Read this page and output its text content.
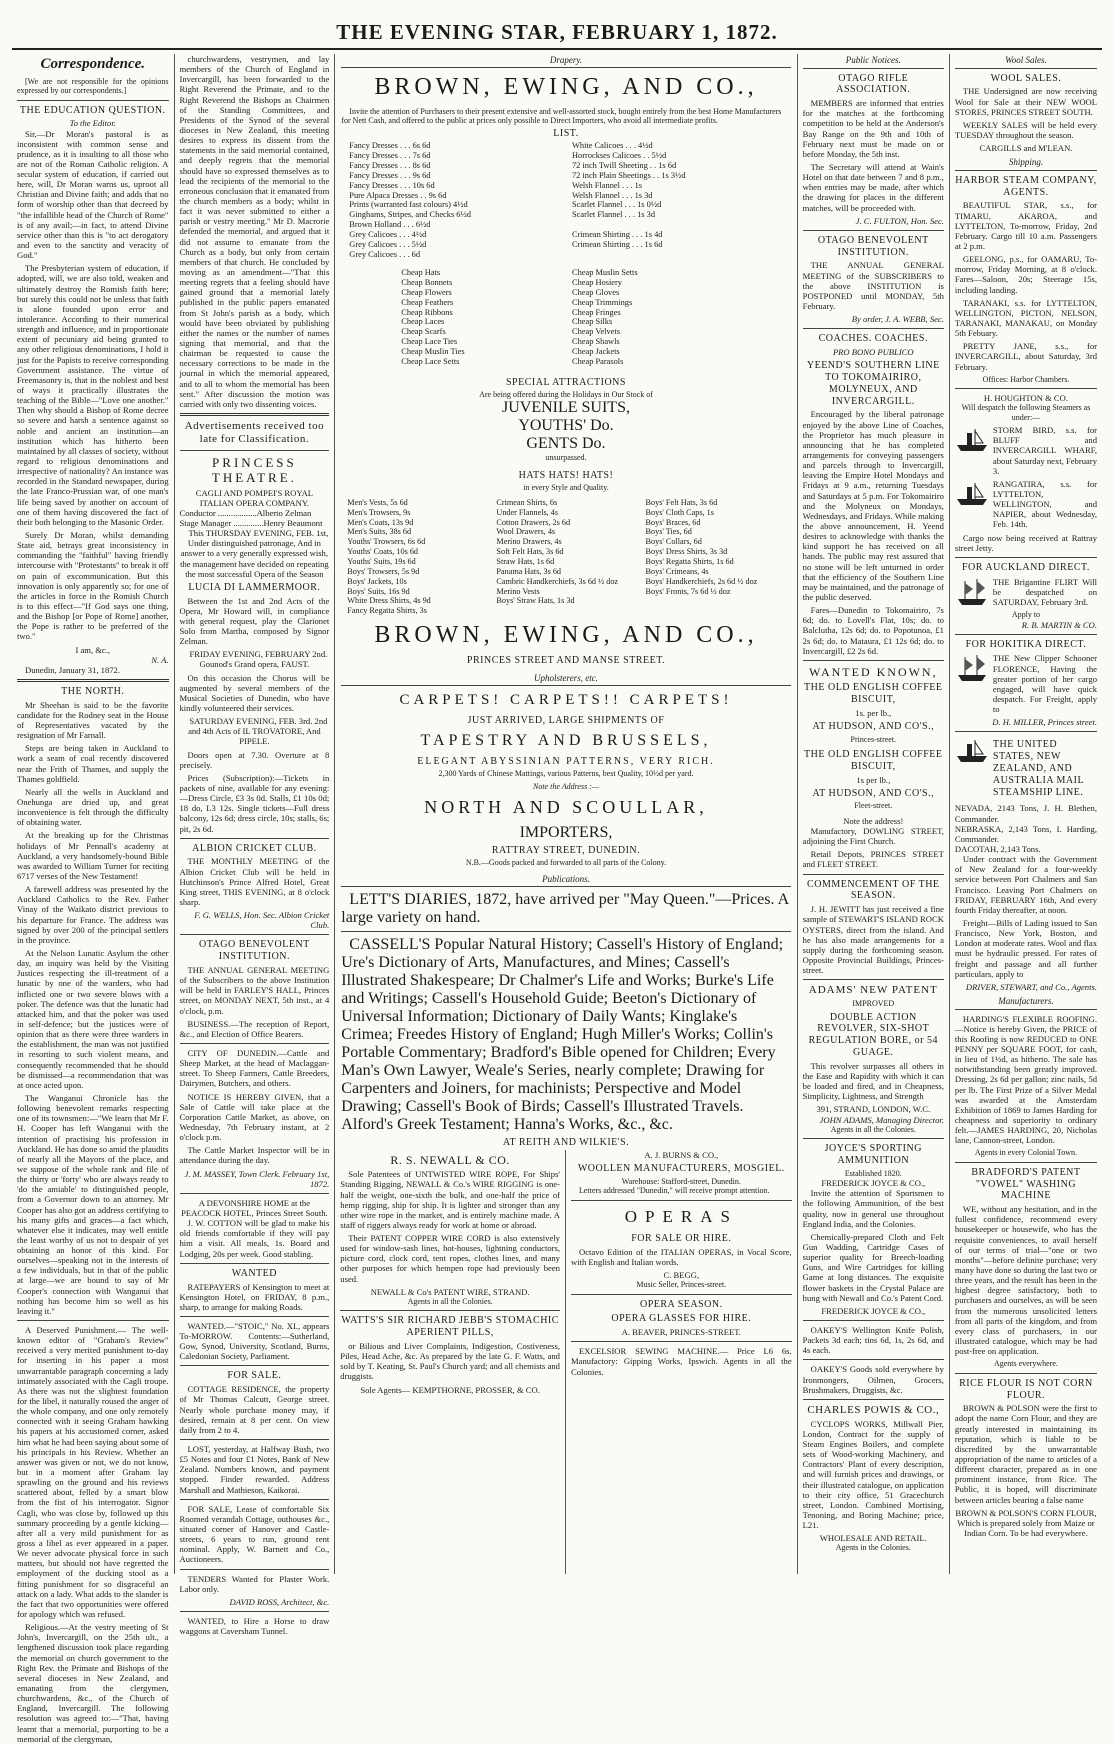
THE EVENING STAR, FEBRUARY 1, 1872.
Correspondence.

[We are not responsible for the opinions expressed by our correspondents.]

THE EDUCATION QUESTION.
To the Editor.

Sir,—Dr Moran's pastoral is as inconsistent with common sense and prudence, as it is insulting to all those who are not of the Roman Catholic religion. A secular system of education, if carried out here, will, Dr Moran warns us, uproot all Christian and Divine faith; and adds that no form of worship other than that decreed by "the infallible head of the Church of Rome" is of any avail;—in fact, to attend Divine service other than this is "to act derogatory and even to the sanctity and veracity of God."

The Presbyterian system of education, if adopted, will, we are also told, weaken and ultimately destroy the Romish faith here; but surely this could not be unless that faith is alone founded upon error and intolerance. According to their numerical strength and influence, and in proportionate extent of pecuniary aid being granted to any other religious denominations, I hold it just for the Papists to receive corresponding Government assistance. The virtue of Freemasonry is, that in the noblest and best of ways it practically illustrates the teaching of the Bible—"Love one another." Then why should a Bishop of Rome decree so severe and harsh a sentence against so noble and ancient an institution—an institution which has hitherto been maintained by all classes of society, without regard to religious denominations and irrespective of nationality? An instance was recorded in the Standard newspaper, during the late Franco-Prussian war, of one man's life being saved by another on account of one of them having discovered the fact of their both belonging to the Masonic Order.

Surely Dr Moran, whilst demanding State aid, betrays great inconsistency in commanding the "faithful" having friendly intercourse with "Protestants" to break it off on pain of excommunication. But this innovation is only apparently so; for one of the articles in force in the Romish Church is to this effect—"If God says one thing, and the Bishop [or Pope of Rome] another, the Pope is rather to be preferred of the two."

I am, &c.,
N. A.

Dunedin, January 31, 1872.

THE NORTH.

Mr Sheehan is said to be the favorite candidate for the Rodney seat in the House of Representatives vacated by the resignation of Mr Farnall.

Steps are being taken in Auckland to work a seam of coal recently discovered near the Frith of Thames, and supply the Thames goldfield.

Nearly all the wells in Auckland and Onehunga are dried up, and great inconvenience is felt through the difficulty of obtaining water.

At the breaking up for the Christmas holidays of Mr Pennall's academy at Auckland, a very handsomely-bound Bible was awarded to William Turner for reciting 6717 verses of the New Testament!

A farewell address was presented by the Auckland Catholics to the Rev. Father Vinay of the Waikato district previous to his departure for France. The address was signed by over 200 of the principal settlers in the province.

At the Nelson Lunatic Asylum the other day, an inquiry was held by the Visiting Justices respecting the ill-treatment of a lunatic by one of the warders, who had inflicted one or two severe blows with a poker. The defence was that the lunatic had attacked him, and that the poker was used in self-defence; but the justices were of opinion that as there were three warders in the establishment, the man was not justified in resorting to such violent means, and consequently recommended that he should be dismissed—a recommendation that was at once acted upon.

The Wanganui Chronicle has the following benevolent remarks respecting one of its townsmen:—"We learn that Mr F. H. Cooper has left Wanganui with the intention of practising his profession in Auckland. He has done so amid the plaudits of nearly all the Mayors of the place, and we suppose of the whole rank and file of the thirty or 'forty' who are always ready to 'do the amiable' to distinguished people, from a Governor down to an attorney. Mr Cooper has also got an address certifying to his many gifts and graces—a fact which, whatever else it indicates, may well entitle the least worthy of us not to despair of yet obtaining an honor of this kind. For ourselves—speaking not in the interests of a few individuals, but in that of the public at large—we are bound to say of Mr Cooper's connection with Wanganui that nothing has become him so well as his leaving it."

A Deserved Punishment.— The well-known editor of "Graham's Review" received a very merited punishment to-day for inserting in his paper a most unwarrantable paragraph concerning a lady intimately associated with the Cagli troupe. As there was not the slightest foundation for the libel, it naturally roused the anger of the whole company, and one only remotely connected with it seeing Graham hawking his papers at his accustomed corner, asked him what he had been saying about some of his principals in his Review. Whether an answer was given or not, we do not know, but in a moment after Graham lay sprawling on the ground and his reviews scattered about, felled by a smart blow from the fist of his interrogator. Signor Cagli, who was close by, followed up this summary proceeding by a gentle kicking—after all a very mild punishment for as gross a libel as ever appeared in a paper. We never advocate physical force in such matters, but should not have regretted the employment of the ducking stool as a fitting punishment for so disgraceful an attack on a lady. What adds to the slander is the fact that two opportunities were offered for apology which was refused.

Religious.—At the vestry meeting of St John's, Invercargill, on the 25th ult., a lengthened discussion took place regarding the memorial on church government to the Right Rev. the Primate and Bishops of the several dioceses in New Zealand, and emanating from the clergymen, churchwardens, &c., of the Church of England, Invercargill. The following resolution was agreed to:—"That, having learnt that a memorial, purporting to be a memorial of the clergyman,

churchwardens, vestrymen, and lay members of the Church of England in Invercargill, has been forwarded to the Right Reverend the Primate, and to the Right Reverend the Bishops as Chairmen of the Standing Committees, and Presidents of the Synod of the several dioceses in New Zealand, this meeting desires to express its dissent from the statements in the said memorial contained, and deeply regrets that the memorial should have so expressed themselves as to lead the recipients of the memorial to the erroneous conclusion that it emanated from the church members as a body; whilst in fact it was never submitted to either a parish or vestry meeting." Mr D. Macrorie defended the memorial, and argued that it did not assume to emanate from the Church as a body, but only from certain members of that church. He concluded by moving as an amendment—"That this meeting regrets that a feeling should have gained ground that a memorial lately published in the public papers emanated from St John's parish as a body, which would have been obviated by publishing either the names or the number of names signing that memorial, and that the chairman be requested to cause the necessary corrections to be made in the journal in which the memorial appeared, and to all to whom the memorial has been sent." After discussion the motion was carried with only two dissenting voices.

Advertisements received too late for Classification.
PRINCESS THEATRE.
CAGLI AND POMPEI'S ROYAL ITALIAN OPERA COMPANY.
Conductor ..................Alberto Zelman
Stage Manager ..............Henry Beaumont

This THURSDAY EVENING, FEB. 1st, Under distinguished patronage, And in answer to a very generally expressed wish, the management have decided on repeating the most successful Opera of the Season

LUCIA DI LAMMERMOOR.

Between the 1st and 2nd Acts of the Opera, Mr Howard will, in compliance with general request, play the Clarionet Solo from Martha, composed by Signor Zelman.

FRIDAY EVENING, FEBRUARY 2nd. Gounod's Grand opera, FAUST.

On this occasion the Chorus will be augmented by several members of the Musical Societies of Dunedin, who have kindly volunteered their services.

SATURDAY EVENING, FEB. 3rd. 2nd and 4th Acts of IL TROVATORE, And PIPELE.

Doors open at 7.30. Overture at 8 precisely.

Prices (Subscription):—Tickets in packets of nine, available for any evening:—Dress Circle, £3 3s 0d. Stalls, £1 10s 0d; 18 do, L3 12s. Single tickets—Full dress balcony, 12s 6d; dress circle, 10s; stalls, 6s; pit, 2s 6d.

ALBION CRICKET CLUB.

THE MONTHLY MEETING of the Albion Cricket Club will be held in Hutchinson's Prince Alfred Hotel, Great King street, THIS EVENING, at 8 o'clock sharp.

F. G. WELLS, Hon. Sec. Albion Cricket Club.
OTAGO BENEVOLENT INSTITUTION.

THE ANNUAL GENERAL MEETING of the Subscribers to the above Institution will be held in FARLEY'S HALL, Princes street, on MONDAY NEXT, 5th inst., at 4 o'clock, p.m.

BUSINESS.—The reception of Report, &c., and Election of Office Bearers.

CITY OF DUNEDIN.—Cattle and Sheep Market, at the head of Maclaggan-street. To Sheep Farmers, Cattle Breeders, Dairymen, Butchers, and others.

NOTICE IS HEREBY GIVEN, that a Sale of Cattle will take place at the Corporation Cattle Market, as above, on Wednesday, 7th February instant, at 2 o'clock p.m.

The Cattle Market Inspector will be in attendance during the day.

J. M. MASSEY, Town Clerk. February 1st, 1872.
A DEVONSHIRE HOME at the PEACOCK HOTEL, Princes Street South.

J. W. COTTON will be glad to make his old friends comfortable if they will pay him a visit. All meals, 1s. Board and Lodging, 20s per week. Good stabling.

WANTED

RATEPAYERS of Kensington to meet at Kensington Hotel, on FRIDAY, 8 p.m., sharp, to arrange for making Roads.

WANTED.—"STOIC," No. XI., appears To-MORROW. Contents:—Sutherland, Gow, Synod, University, Scotland, Burns, Caledonian Society, Parliament.

FOR SALE.

COTTAGE RESIDENCE, the property of Mr Thomas Calcutt, George street. Nearly whole purchase money may, if desired, remain at 8 per cent. On view daily from 2 to 4.

LOST, yesterday, at Halfway Bush, two £5 Notes and four £1 Notes, Bank of New Zealand. Numbers known, and payment stopped. Finder rewarded. Address Marshall and Mathieson, Kaikorai.

FOR SALE, Lease of comfortable Six Roomed verandah Cottage, outhouses &c., situated corner of Hanover and Castle-streets, 6 years to run, ground rent nominal. Apply, W. Barnett and Co., Auctioneers.

TENDERS Wanted for Plaster Work. Labor only.

DAVID ROSS, Architect, &c.

WANTED, to Hire a Horse to draw waggons at Caversham Tunnel.

Drapery.
BROWN, EWING, AND CO.,

Invite the attention of Purchasers to their present extensive and well-assorted stock, bought entirely from the best Home Manufacturers for Nett Cash, and offered to the public at prices only possible to Direct Importers, who avoid all intermediate profits.

LIST.
Fancy Dresses . . . 6s 6d
Fancy Dresses . . . 7s 6d
Fancy Dresses . . . 8s 6d
Fancy Dresses . . . 9s 6d
Fancy Dresses . . . 10s 6d
Pure Alpaca Dresses . . 9s 6d
Prints (warranted fast colours) 4½d
Ginghams, Stripes, and Checks 6½d
Brown Holland . . . 6½d
Grey Calicoes . . . 4½d
Grey Calicoes . . . 5½d
Grey Calicoes . . . 6d
White Calicoes . . . 4½d
Horrockses Calicoes . . 5½d
72 inch Twill Sheeting . . 1s 6d
72 inch Plain Sheetings . . 1s 3½d
Welsh Flannel . . . 1s
Welsh Flannel . . . 1s 3d
Scarlet Flannel . . . 1s 0½d
Scarlet Flannel . . . 1s 3d

Crimean Shirting . . . 1s 4d
Crimean Shirting . . . 1s 6d
Cheap Hats
Cheap Bonnets
Cheap Flowers
Cheap Feathers
Cheap Ribbons
Cheap Laces
Cheap Scarfs
Cheap Lace Ties
Cheap Muslin Ties
Cheap Lace Setts
Cheap Muslin Setts
Cheap Hosiery
Cheap Gloves
Cheap Trimmings
Cheap Fringes
Cheap Silks
Cheap Velvets
Cheap Shawls
Cheap Jackets
Cheap Parasols
SPECIAL ATTRACTIONS
Are being offered during the Holidays in Our Stock of
JUVENILE SUITS,
YOUTHS' Do.
GENTS Do.
unsurpassed.
HATS HATS! HATS!
in every Style and Quality.
Men's Vests, 5s 6d
Men's Trowsers, 9s
Men's Coats, 13s 9d
Men's Suits, 38s 6d
Youths' Trowsers, 6s 6d
Youths' Coats, 10s 6d
Youths' Suits, 19s 6d
Boys' Trowsers, 5s 9d
Boys' Jackets, 10s
Boys' Suits, 16s 9d
White Dress Shirts, 4s 9d
Fancy Regatta Shirts, 3s
Crimean Shirts, 6s
Under Flannels, 4s
Cotton Drawers, 2s 6d
Wool Drawers, 4s
Merino Drawers, 4s
Soft Felt Hats, 3s 6d
Straw Hats, 1s 6d
Panama Hats, 3s 6d
Cambric Handkerchiefs, 3s 6d ½ doz
Merino Vests
Boys' Straw Hats, 1s 3d
Boys' Felt Hats, 3s 6d
Boys' Cloth Caps, 1s
Boys' Braces, 6d
Boys' Ties, 6d
Boys' Collars, 6d
Boys' Dress Shirts, 3s 3d
Boys' Regatta Shirts, 1s 6d
Boys' Crimeans, 4s
Boys' Handkerchiefs, 2s 6d ½ doz
Boys' Fronts, 7s 6d ½ doz
BROWN, EWING, AND CO.,
PRINCES STREET AND MANSE STREET.
Upholsterers, etc.
CARPETS! CARPETS!! CARPETS!
JUST ARRIVED, LARGE SHIPMENTS OF
TAPESTRY AND BRUSSELS,
ELEGANT ABYSSINIAN PATTERNS, VERY RICH.
2,300 Yards of Chinese Mattings, various Patterns, best Quality, 10½d per yard.
Note the Address :—
NORTH AND SCOULLAR,
IMPORTERS,
RATTRAY STREET, DUNEDIN.
N.B.—Goods packed and forwarded to all parts of the Colony.
Publications.

LETT'S DIARIES, 1872, have arrived per "May Queen."—Prices. A large variety on hand.

CASSELL'S Popular Natural History; Cassell's History of England; Ure's Dictionary of Arts, Manufactures, and Mines; Cassell's Illustrated Shakespeare; Dr Chalmer's Life and Works; Burke's Life and Writings; Cassell's Household Guide; Beeton's Dictionary of Universal Information; Dictionary of Daily Wants; Kinglake's Crimea; Freedes History of England; Hugh Miller's Works; Collin's Portable Commentary; Bradford's Bible opened for Children; Every Man's Own Lawyer, Weale's Series, nearly complete; Drawing for Carpenters and Joiners, for machinists; Perspective and Model Drawing; Cassell's Book of Birds; Cassell's Illustrated Travels. Alford's Greek Testament; Hanna's Works, &c., &c.

AT REITH AND WILKIE'S.
R. S. NEWALL & CO.

Sole Patentees of UNTWISTED WIRE ROPE, For Ships' Standing Rigging, NEWALL & Co.'s WIRE RIGGING is one-half the weight, one-sixth the bulk, and one-half the price of hemp rigging, ship for ship. It is lighter and stronger than any other wire rope in the market, and is entirely machine made. A staff of riggers always ready for work at home or abroad.

Their PATENT COPPER WIRE CORD is also extensively used for window-sash lines, hot-houses, lightning conductors, picture cord, clock cord, tent ropes, clothes lines, and many other purposes for which hempen rope had previously been used.

NEWALL & Co's PATENT WIRE, STRAND.
Agents in all the Colonies.
WATTS'S SIR RICHARD JEBB'S STOMACHIC APERIENT PILLS,

or Bilious and Liver Complaints, Indigestion, Costiveness, Piles, Head Ache, &c. As prepared by the late G. F. Watts, and sold by T. Keating, St. Paul's Church yard; and all chemists and druggists.

Sole Agents— KEMPTHORNE, PROSSER, & CO.
A. J. BURNS & CO.,
WOOLLEN MANUFACTURERS, MOSGIEL.
Warehouse: Stafford-street, Dunedin.

Letters addressed "Dunedin," will receive prompt attention.

OPERAS
FOR SALE OR HIRE.

Octavo Edition of the ITALIAN OPERAS, in Vocal Score, with English and Italian words.

C. BEGG,
Music Seller, Princes-street.
OPERA SEASON.
OPERA GLASSES FOR HIRE.
A. BEAVER, PRINCES-STREET.

EXCELSIOR SEWING MACHINE.— Price L6 6s. Manufactory: Gipping Works, Ipswich. Agents in all the Colonies.

Public Notices.
OTAGO RIFLE ASSOCIATION.

MEMBERS are informed that entries for the matches at the forthcoming competition to be held at the Anderson's Bay Range on the 9th and 10th of February next must be made on or before Monday, the 5th inst.

The Secretary will attend at Wain's Hotel on that date between 7 and 8 p.m., when entries may be made, after which the drawing for places in the different matches, will be proceeded with.

J. C. FULTON, Hon. Sec.
OTAGO BENEVOLENT INSTITUTION.

THE ANNUAL GENERAL MEETING of the SUBSCRIBERS to the above INSTITUTION is POSTPONED until MONDAY, 5th February.

By order, J. A. WEBB, Sec.
COACHES. COACHES.
PRO BONO PUBLICO
YEEND'S SOUTHERN LINE TO TOKOMAIRIRO, MOLYNEUX, AND INVERCARGILL.

Encouraged by the liberal patronage enjoyed by the above Line of Coaches, the Proprietor has much pleasure in announcing that he has completed arrangements for conveying passengers and parcels through to Invercargill, leaving the Empire Hotel Mondays and Fridays at 9 a.m., returning Tuesdays and Saturdays at 5 p.m. For Tokomairiro and the Molyneux on Mondays, Wednesdays, and Fridays. While making the above announcement, H. Yeend desires to acknowledge with thanks the kind support he has received on all hands. The public may rest assured that no stone will be left unturned in order that the efficiency of the Southern Line may be maintained, and the patronage of the public deserved.

Fares—Dunedin to Tokomairiro, 7s 6d; do. to Lovell's Flat, 10s; do. to Balclutha, 12s 6d; do. to Popotunoa, £1 2s 6d; do. to Mataura, £1 12s 6d; do. to Invercargill, £2 2s 6d.

WANTED KNOWN,
THE OLD ENGLISH COFFEE BISCUIT,
1s. per lb.,
AT HUDSON, AND CO'S.,
Princes-street.
THE OLD ENGLISH COFFEE BISCUIT,
1s per lb.,
AT HUDSON, AND CO'S.,
Fleet-street.
Note the address!

Manufactory, DOWLING STREET, adjoining the First Church.

Retail Depots, PRINCES STREET and FLEET STREET.

COMMENCEMENT OF THE SEASON.

J. H. JEWITT has just received a fine sample of STEWART'S ISLAND ROCK OYSTERS, direct from the island. And he has also made arrangements for a supply during the forthcoming season. Opposite Provincial Buildings, Princes-street.

ADAMS' NEW PATENT
IMPROVED
DOUBLE ACTION REVOLVER, SIX-SHOT REGULATION BORE, or 54 GUAGE.

This revolver surpasses all others in the Ease and Rapidity with which it can be loaded and fired, and in Cheapness, Simplicity, Lightness, and Strength

391, STRAND, LONDON, W.C.
JOHN ADAMS, Managing Director.
Agents in all the Colonies.
JOYCE'S SPORTING AMMUNITION
Established 1820.
FREDERICK JOYCE & CO.,

Invite the attention of Sportsmen to the following Ammunition, of the best quality, now in general use throughout England India, and the Colonies.

Chemically-prepared Cloth and Felt Gun Wadding, Cartridge Cases of superior quality for Breech-loading Guns, and Wire Cartridges for killing Game at long distances. The exquisite flower baskets in the Crystal Palace are hung with Newall and Co.'s Patent Cord.

FREDERICK JOYCE & CO.,

OAKEY'S Wellington Knife Polish, Packets 3d each; tins 6d, 1s, 2s 6d, and 4s each.

OAKEY'S Goods sold everywhere by Ironmongers, Oilmen, Grocers, Brushmakers, Druggists, &c.

CHARLES POWIS & CO.,

CYCLOPS WORKS, Millwall Pier, London, Contract for the supply of Steam Engines Boilers, and complete sets of Wood-working Machinery, and Contractors' Plant of every description, and will furnish prices and drawings, or their illustrated catalogue, on application to their city office, 51 Gracechurch street, London. Combined Mortising, Tenoning, and Boring Machine; price, L21.

WHOLESALE AND RETAIL.
Agents in the Colonies.
Wool Sales.
WOOL SALES.

THE Undersigned are now receiving Wool for Sale at their NEW WOOL STORES, PRINCES STREET SOUTH.

WEEKLY SALES will be held every TUESDAY throughout the season.

CARGILLS and M'LEAN.
Shipping.
HARBOR STEAM COMPANY, AGENTS.

BEAUTIFUL STAR, s.s., for TIMARU, AKAROA, and LYTTELTON, To-morrow, Friday, 2nd February. Cargo till 10 a.m. Passengers at 2 p.m.

GEELONG, p.s., for OAMARU, To-morrow, Friday Morning, at 8 o'clock. Fares—Saloon, 20s; Steerage 15s, including landing.

TARANAKI, s.s. for LYTTELTON, WELLINGTON, PICTON, NELSON, TARANAKI, MANAKAU, on Monday 5th Febuary.

PRETTY JANE, s.s., for INVERCARGILL, about Saturday, 3rd February.

Offices: Harbor Chambers.
H. HOUGHTON & CO.
Will despatch the following Steamers as under:—
STORM BIRD, s.s. for BLUFF and INVERCARGILL WHARF, about Saturday next, February 3.
RANGATIRA, s.s. for LYTTELTON, WELLINGTON, and NAPIER, about Wednesday, Feb. 14th.

Cargo now being received at Rattray street Jetty.

FOR AUCKLAND DIRECT.
THE Brigantine FLIRT Will be despatched on SATURDAY, February 3rd.
Apply to
R. B. MARTIN & CO.
FOR HOKITIKA DIRECT.
THE New Clipper Schooner FLORENCE, Having the greater portion of her cargo engaged, will have quick despatch. For Freight, apply to
D. H. MILLER, Princes street.
THE UNITED STATES, NEW ZEALAND, AND AUSTRALIA MAIL STEAMSHIP LINE.
NEVADA, 2143 Tons, J. H. Blethen, Commander.
NEBRASKA, 2,143 Tons, I. Harding, Commander.
DACOTAH, 2,143 Tons.

Under contract with the Government of New Zealand for a four-weekly service between Port Chalmers and San Francisco. Leaving Port Chalmers on FRIDAY, FEBRUARY 16th, And every fourth Friday thereafter, at noon.

Freight—Bills of Lading issued to San Francisco, New York, Boston, and London at moderate rates. Wool and flax must be hydraulic pressed. For rates of freight and passage and all further particulars, apply to

DRIVER, STEWART, and Co., Agents.
Manufacturers.

HARDING'S FLEXIBLE ROOFING. —Notice is hereby Given, the PRICE of this Roofing is now REDUCED to ONE PENNY per SQUARE FOOT, for cash, in lieu of 1½d, as hitherto. The sale has notwithstanding been greatly improved. Dressing, 2s 6d per gallon; zinc nails, 5d per lb. The First Prize of a Silver Medal was awarded at the Amsterdam Exhibition of 1869 to James Harding for cheapness and superiority to ordinary felt.—JAMES HARDING, 20, Nicholas lane, Cannon-street, London.

Agents in every Colonial Town.
BRADFORD'S PATENT "VOWEL" WASHING MACHINE

WE, without any hesitation, and in the fullest confidence, recommend every housekeeper or housewife, who has the requisite conveniences, to avail herself of our terms of trial—"one or two months"—before definite purchase; very many have done so during the last two or three years, and the result has been in the highest degree satisfactory, both to purchasers and ourselves, as will be seen from the numerous unsolicited letters from all parts of the kingdom, and from every class of purchasers, in our illustrated catalogue, which may be had post-free on application.

Agents everywhere.
RICE FLOUR IS NOT CORN FLOUR.

BROWN & POLSON were the first to adopt the name Corn Flour, and they are greatly interested in maintaining its reputation, which is liable to be discredited by the unwarrantable appropriation of the name to articles of a different character, prepared as in one prominent instance, from Rice. The Public, it is hoped, will discriminate between articles bearing a false name

BROWN & POLSON'S CORN FLOUR, Which is prepared solely from Maize or Indian Corn. To be had everywhere.
